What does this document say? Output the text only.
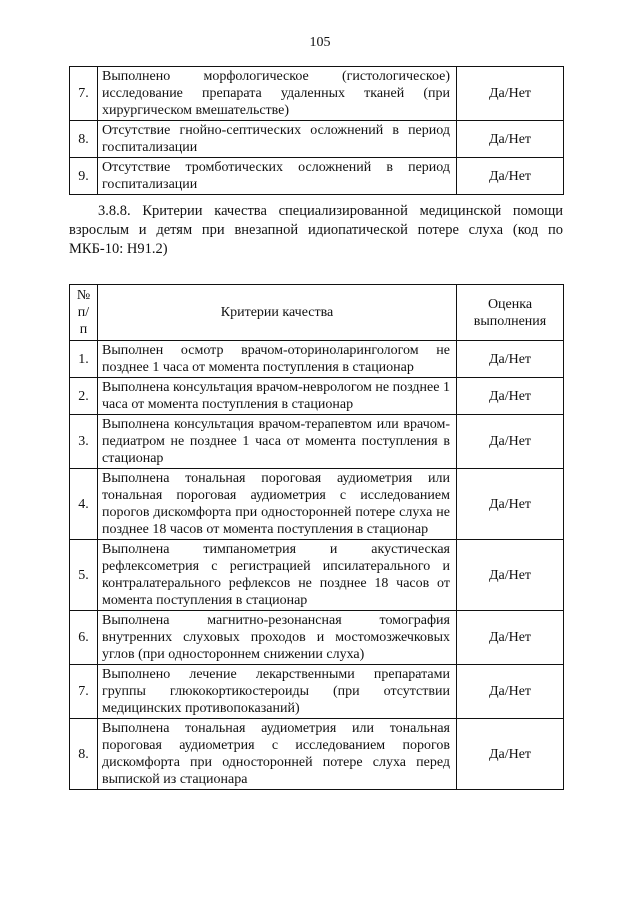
105
7.	Выполнено морфологическое (гистологическое) исследование препарата удаленных тканей (при хирургическом вмешательстве)	Да/Нет
8.	Отсутствие гнойно-септических осложнений в период госпитализации	Да/Нет
9.	Отсутствие тромботических осложнений в период госпитализации	Да/Нет

3.8.8. Критерии качества специализированной медицинской помощи взрослым и детям при внезапной идиопатической потере слуха (код по МКБ-10: H91.2)

№ п/п	Критерии качества	Оценка выполнения
1.	Выполнен осмотр врачом-оториноларингологом не позднее 1 часа от момента поступления в стационар	Да/Нет
2.	Выполнена консультация врачом-неврологом не позднее 1 часа от момента поступления в стационар	Да/Нет
3.	Выполнена консультация врачом-терапевтом или врачом-педиатром не позднее 1 часа от момента поступления в стационар	Да/Нет
4.	Выполнена тональная пороговая аудиометрия или тональная пороговая аудиометрия с исследованием порогов дискомфорта при односторонней потере слуха не позднее 18 часов от момента поступления в стационар	Да/Нет
5.	Выполнена тимпанометрия и акустическая рефлексометрия с регистрацией ипсилатерального и контралатерального рефлексов не позднее 18 часов от момента поступления в стационар	Да/Нет
6.	Выполнена магнитно-резонансная томография внутренних слуховых проходов и мостомозжечковых углов (при одностороннем снижении слуха)	Да/Нет
7.	Выполнено лечение лекарственными препаратами группы глюкокортикостероиды (при отсутствии медицинских противопоказаний)	Да/Нет
8.	Выполнена тональная аудиометрия или тональная пороговая аудиометрия с исследованием порогов дискомфорта при односторонней потере слуха перед выпиской из стационара	Да/Нет
